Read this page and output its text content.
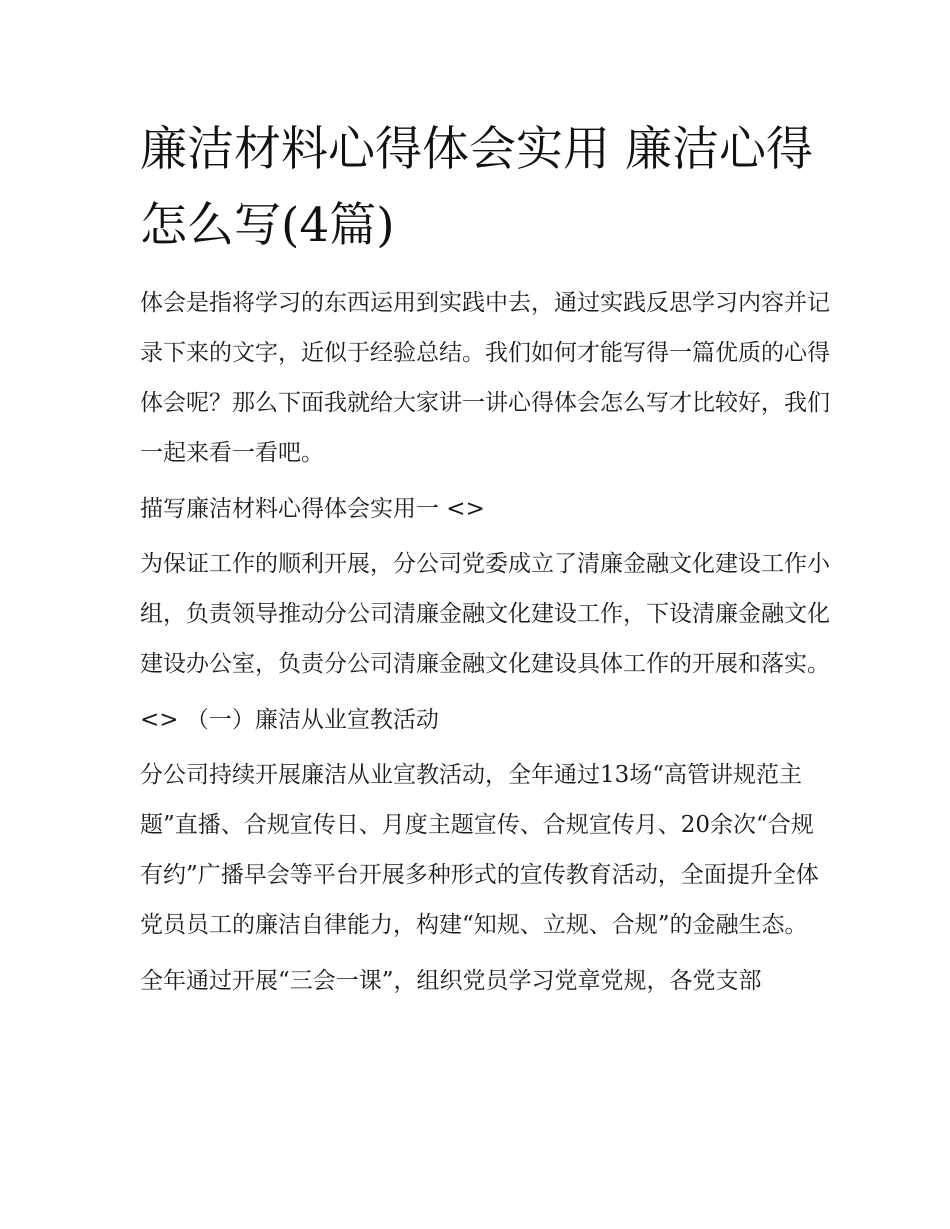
廉洁材料心得体会实用 廉洁心得怎么写(4篇)

体会是指将学习的东西运用到实践中去，通过实践反思学习内容并记录下来的文字，近似于经验总结。我们如何才能写得一篇优质的心得体会呢？那么下面我就给大家讲一讲心得体会怎么写才比较好，我们一起来看一看吧。

描写廉洁材料心得体会实用一 <>

为保证工作的顺利开展，分公司党委成立了清廉金融文化建设工作小组，负责领导推动分公司清廉金融文化建设工作，下设清廉金融文化建设办公室，负责分公司清廉金融文化建设具体工作的开展和落实。

<> （一）廉洁从业宣教活动

分公司持续开展廉洁从业宣教活动，全年通过13场“高管讲规范主题”直播、合规宣传日、月度主题宣传、合规宣传月、20余次“合规有约”广播早会等平台开展多种形式的宣传教育活动，全面提升全体党员员工的廉洁自律能力，构建“知规、立规、合规”的金融生态。

全年通过开展“三会一课”，组织党员学习党章党规，各党支部
